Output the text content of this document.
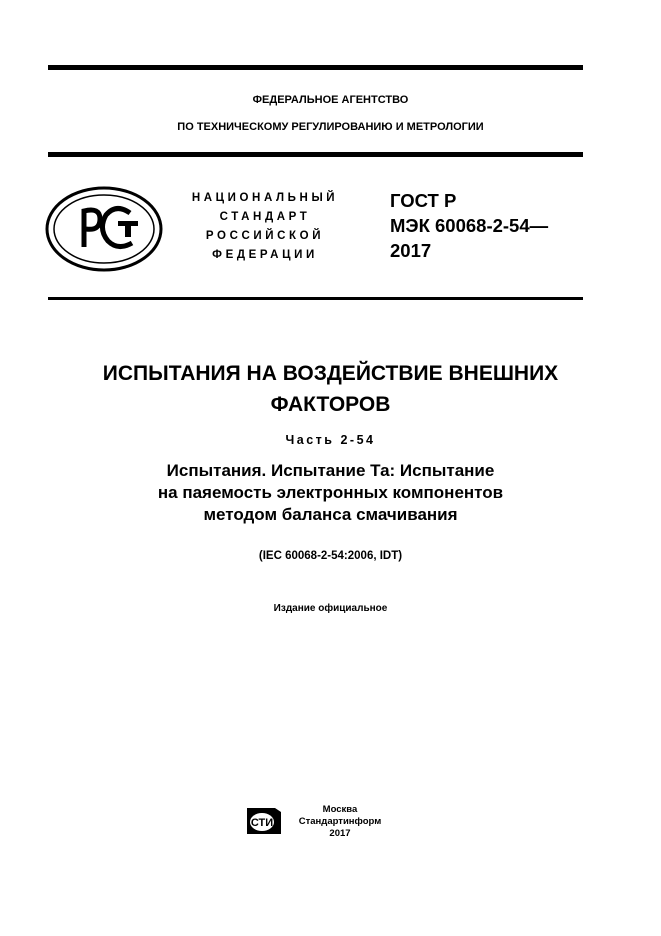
ФЕДЕРАЛЬНОЕ АГЕНТСТВО
ПО ТЕХНИЧЕСКОМУ РЕГУЛИРОВАНИЮ И МЕТРОЛОГИИ
НАЦИОНАЛЬНЫЙ
СТАНДАРТ
РОССИЙСКОЙ
ФЕДЕРАЦИИ
ГОСТ Р
МЭК 60068-2-54—
2017
ИСПЫТАНИЯ НА ВОЗДЕЙСТВИЕ ВНЕШНИХ
ФАКТОРОВ
Часть 2-54
Испытания. Испытание Та: Испытание
на паяемость электронных компонентов
методом баланса смачивания
(IEC 60068-2-54:2006, IDT)
Издание официальное
СТИ
Москва
Стандартинформ
2017
